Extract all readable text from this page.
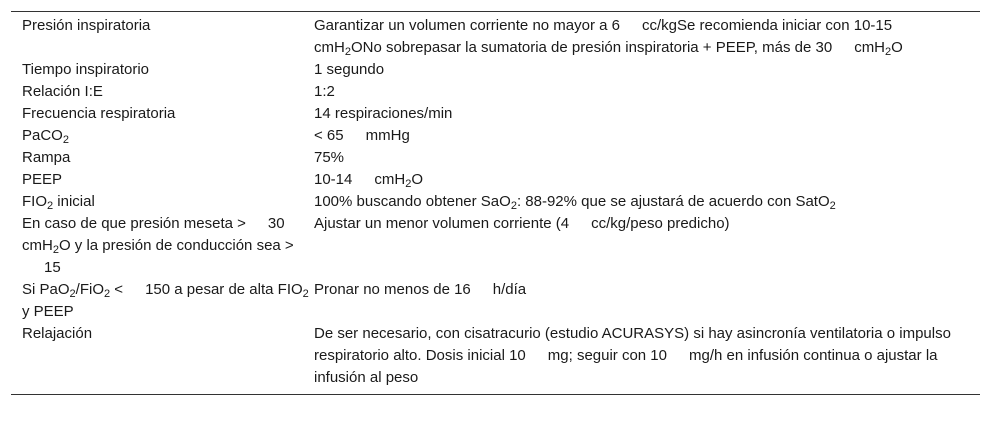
Presión inspiratoria	Garantizar un volumen corriente no mayor a 6 cc/kgSe recomienda iniciar con 10-15cmH$_2$ONo sobrepasar la sumatoria de presión inspiratoria + PEEP, más de 30 cmH$_2$O
Tiempo inspiratorio	1 segundo
Relación I:E	1:2
Frecuencia respiratoria	14 respiraciones/min
PaCO$_2$	< 65 mmHg
Rampa	75%
PEEP	10-14 cmH$_2$O
$FIO_2$ inicial	100% buscando obtener SaO$_2$: 88-92% que se ajustará de acuerdo con SatO$_2$
En caso de que presión meseta > 30 cmH$_2$O y la presión de conducción sea >15	Ajustar un menor volumen corriente (4 cc/kg/peso predicho)
Si PaO$_2$/FiO$_2$ < 150 a pesar de alta $FIO_2$ y PEEP	Pronar no menos de 16 h/día
Relajación	De ser necesario, con cisatracurio (estudio ACURASYS) si hay asincronía ventilatoria o impulso respiratorio alto. Dosis inicial 10 mg; seguir con 10 mg/h en infusión continua o ajustar la infusión al peso
